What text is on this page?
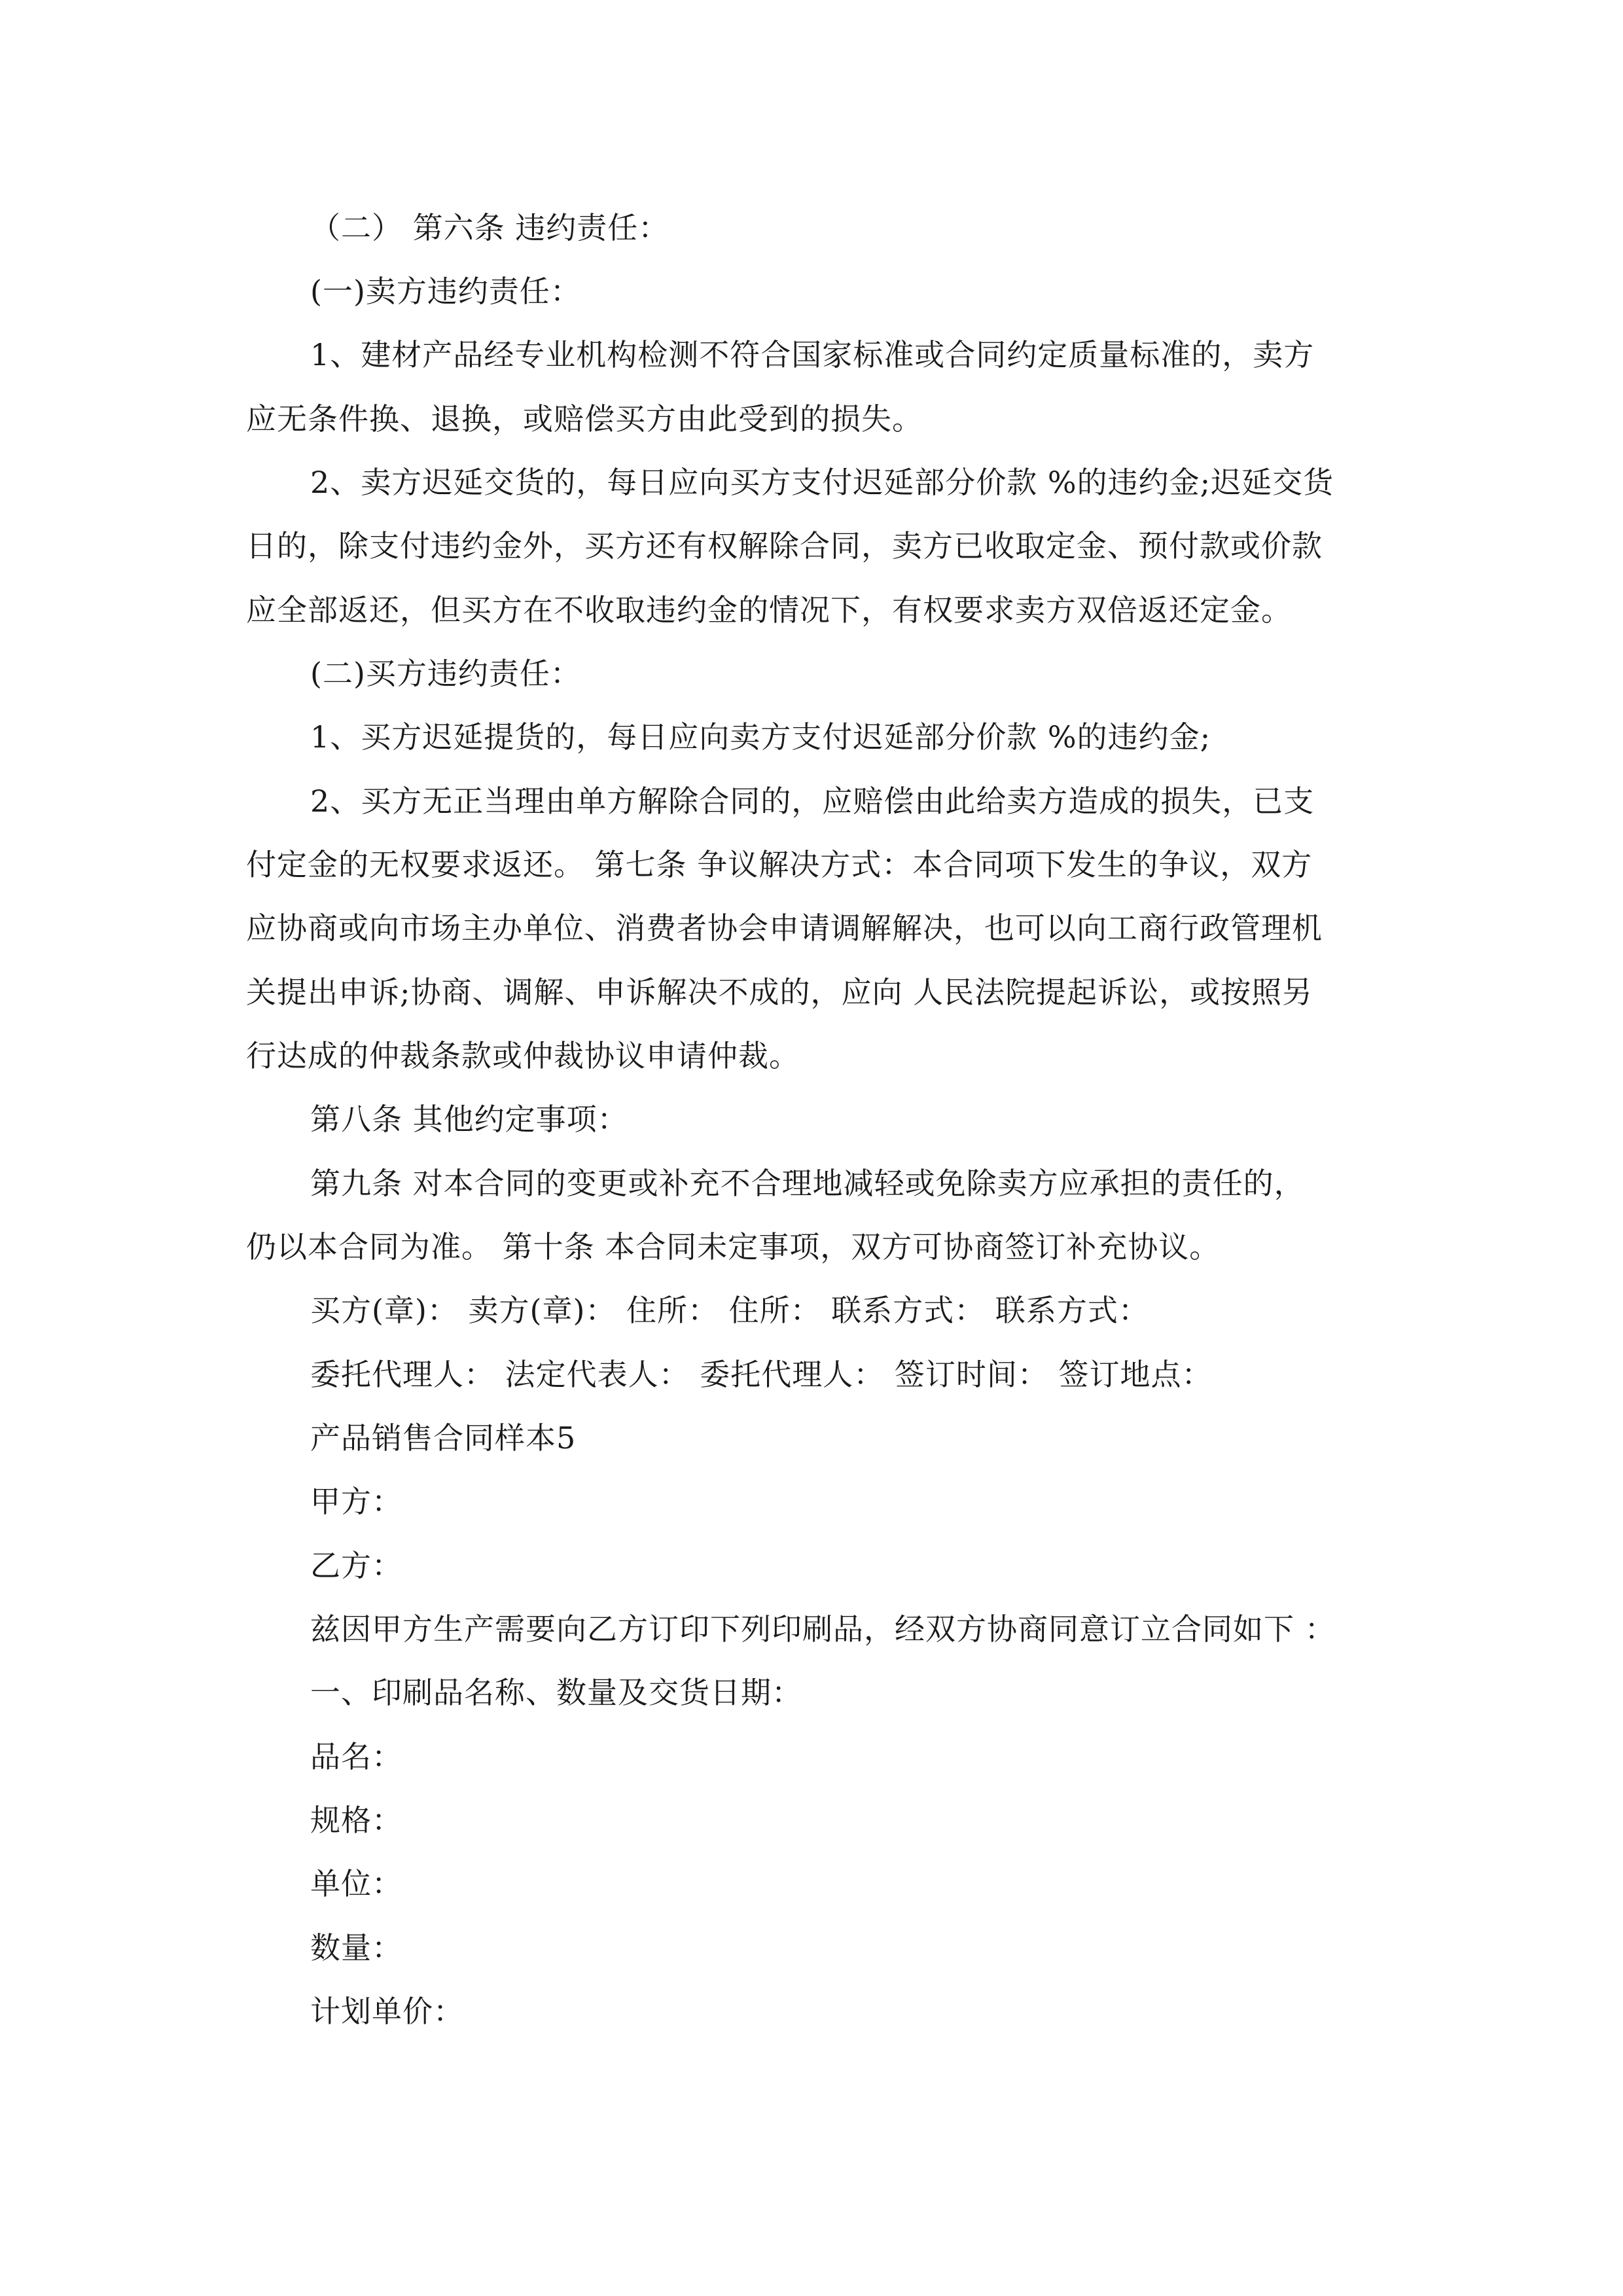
（二） 第六条 违约责任：
(一)卖方违约责任：
1、建材产品经专业机构检测不符合国家标准或合同约定质量标准的，卖方
应无条件换、退换，或赔偿买方由此受到的损失。
2、卖方迟延交货的，每日应向买方支付迟延部分价款 %的违约金;迟延交货
日的，除支付违约金外，买方还有权解除合同，卖方已收取定金、预付款或价款
应全部返还，但买方在不收取违约金的情况下，有权要求卖方双倍返还定金。
(二)买方违约责任：
1、买方迟延提货的，每日应向卖方支付迟延部分价款 %的违约金;
2、买方无正当理由单方解除合同的，应赔偿由此给卖方造成的损失，已支
付定金的无权要求返还。 第七条 争议解决方式：本合同项下发生的争议，双方
应协商或向市场主办单位、消费者协会申请调解解决，也可以向工商行政管理机
关提出申诉;协商、调解、申诉解决不成的，应向 人民法院提起诉讼，或按照另
行达成的仲裁条款或仲裁协议申请仲裁。
第八条 其他约定事项：
第九条 对本合同的变更或补充不合理地减轻或免除卖方应承担的责任的，
仍以本合同为准。 第十条 本合同未定事项，双方可协商签订补充协议。
买方(章)： 卖方(章)： 住所： 住所： 联系方式： 联系方式：
委托代理人： 法定代表人： 委托代理人： 签订时间： 签订地点：
产品销售合同样本5
甲方：
乙方：
兹因甲方生产需要向乙方订印下列印刷品，经双方协商同意订立合同如下 ：
一、印刷品名称、数量及交货日期：
品名：
规格：
单位：
数量：
计划单价：
